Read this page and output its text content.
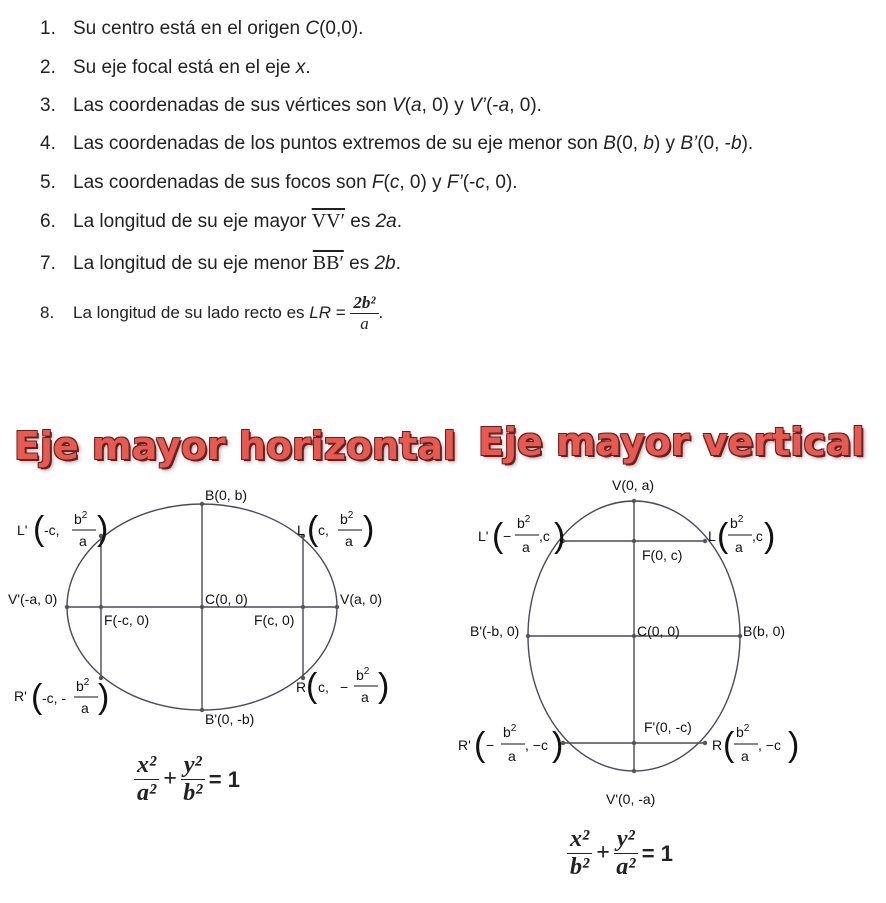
1. Su centro está en el origen C(0,0).
2. Su eje focal está en el eje x.
3. Las coordenadas de sus vértices son V(a, 0) y V’(-a, 0).
4. Las coordenadas de los puntos extremos de su eje menor son B(0, b) y B’(0, -b).
5. Las coordenadas de sus focos son F(c, 0) y F’(-c, 0).
6. La longitud de su eje mayor VV′ es 2a.
7. La longitud de su eje menor BB′ es 2b.
8. La longitud de su lado recto es LR = $\frac{\text{2b²}}{a}$ .
Eje mayor horizontal Eje mayor vertical
B(0, b)
B'(0, -b)
V(a, 0)
V'(-a, 0)	C(0, 0)
F(c, 0)
F(-c, 0)
L' ( -c,
$b^2$
a )	L ( c,
$b^2$
a )
R' ( -c, -
$b^2$
a )	R ( c, −
$b^2$
a )
V(0, a)
V'(0, -a)
B(b, 0)
B'(-b, 0)	C(0, 0)
F(0, c)
F'(0, -c)
L' ( −
$b^2$
a
,c )	L ( $b^2$
a
,c )
R' ( −
$b^2$
a
, −c )	R ( $b^2$
a
, −c )
$\frac{\text{x²}}{\text{a²}} + \frac{\text{y²}}{\text{b²}} = 1$
$\frac{\text{x²}}{\text{b²}} + \frac{\text{y²}}{\text{a²}} = 1$
